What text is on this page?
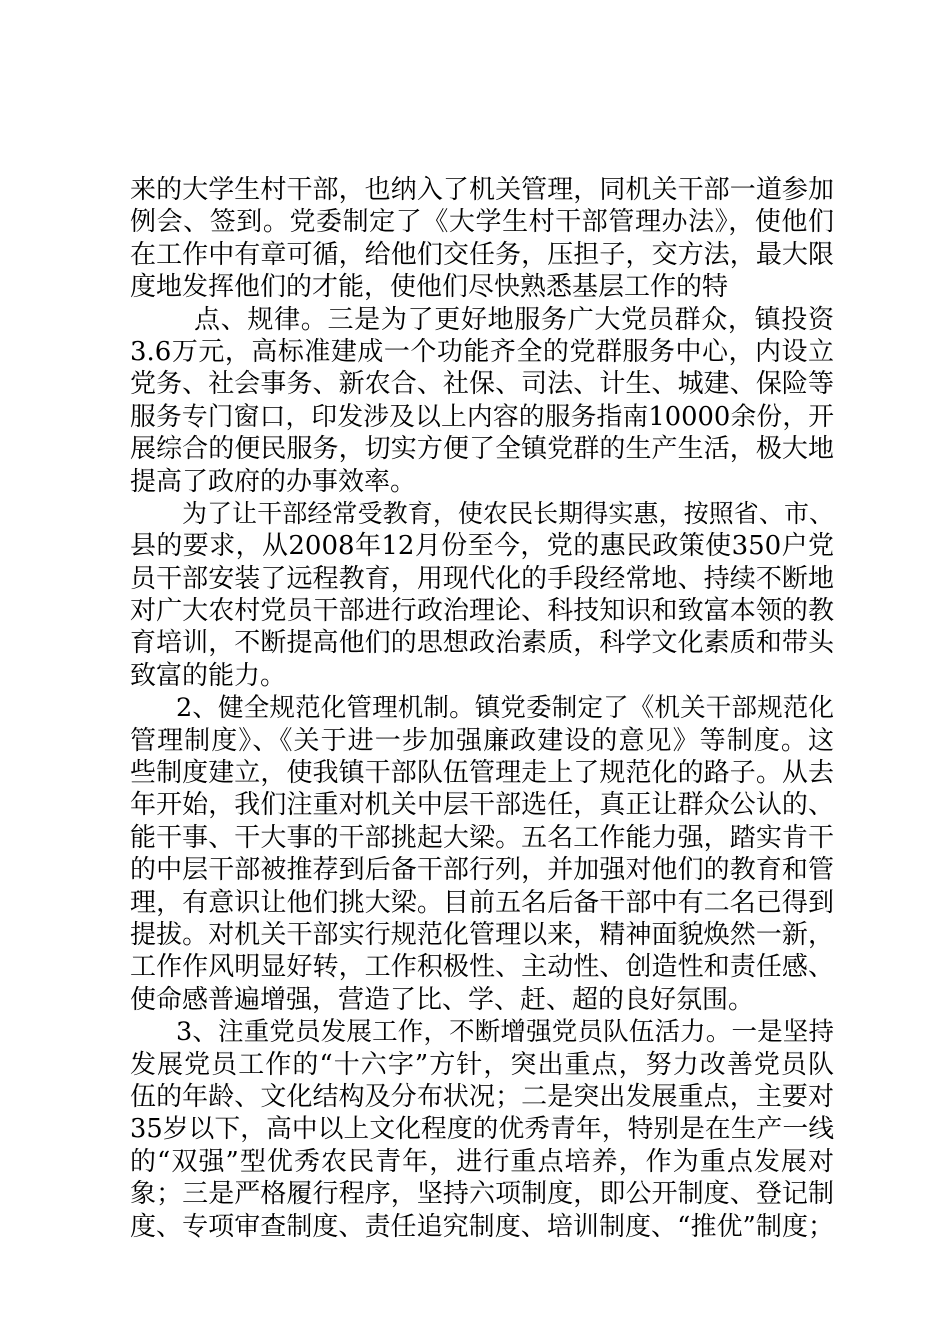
来的大学生村干部，也纳入了机关管理，同机关干部一道参加
例会、签到。党委制定了《大学生村干部管理办法》，使他们
在工作中有章可循，给他们交任务，压担子，交方法，最大限
度地发挥他们的才能，使他们尽快熟悉基层工作的特
点、规律。三是为了更好地服务广大党员群众，镇投资
3.6万元，高标准建成一个功能齐全的党群服务中心，内设立
党务、社会事务、新农合、社保、司法、计生、城建、保险等
服务专门窗口，印发涉及以上内容的服务指南10000余份，开
展综合的便民服务，切实方便了全镇党群的生产生活，极大地
提高了政府的办事效率。
为了让干部经常受教育，使农民长期得实惠，按照省、市、
县的要求，从2008年12月份至今，党的惠民政策使350户党
员干部安装了远程教育，用现代化的手段经常地、持续不断地
对广大农村党员干部进行政治理论、科技知识和致富本领的教
育培训，不断提高他们的思想政治素质，科学文化素质和带头
致富的能力。
2、健全规范化管理机制。镇党委制定了《机关干部规范化
管理制度》、《关于进一步加强廉政建设的意见》等制度。这
些制度建立，使我镇干部队伍管理走上了规范化的路子。从去
年开始，我们注重对机关中层干部选任，真正让群众公认的、
能干事、干大事的干部挑起大梁。五名工作能力强，踏实肯干
的中层干部被推荐到后备干部行列，并加强对他们的教育和管
理，有意识让他们挑大梁。目前五名后备干部中有二名已得到
提拔。对机关干部实行规范化管理以来，精神面貌焕然一新，
工作作风明显好转，工作积极性、主动性、创造性和责任感、
使命感普遍增强，营造了比、学、赶、超的良好氛围。
3、注重党员发展工作，不断增强党员队伍活力。一是坚持
发展党员工作的“十六字”方针，突出重点，努力改善党员队
伍的年龄、文化结构及分布状况；二是突出发展重点，主要对
35岁以下，高中以上文化程度的优秀青年，特别是在生产一线
的“双强”型优秀农民青年，进行重点培养，作为重点发展对
象；三是严格履行程序，坚持六项制度，即公开制度、登记制
度、专项审查制度、责任追究制度、培训制度、“推优”制度；
